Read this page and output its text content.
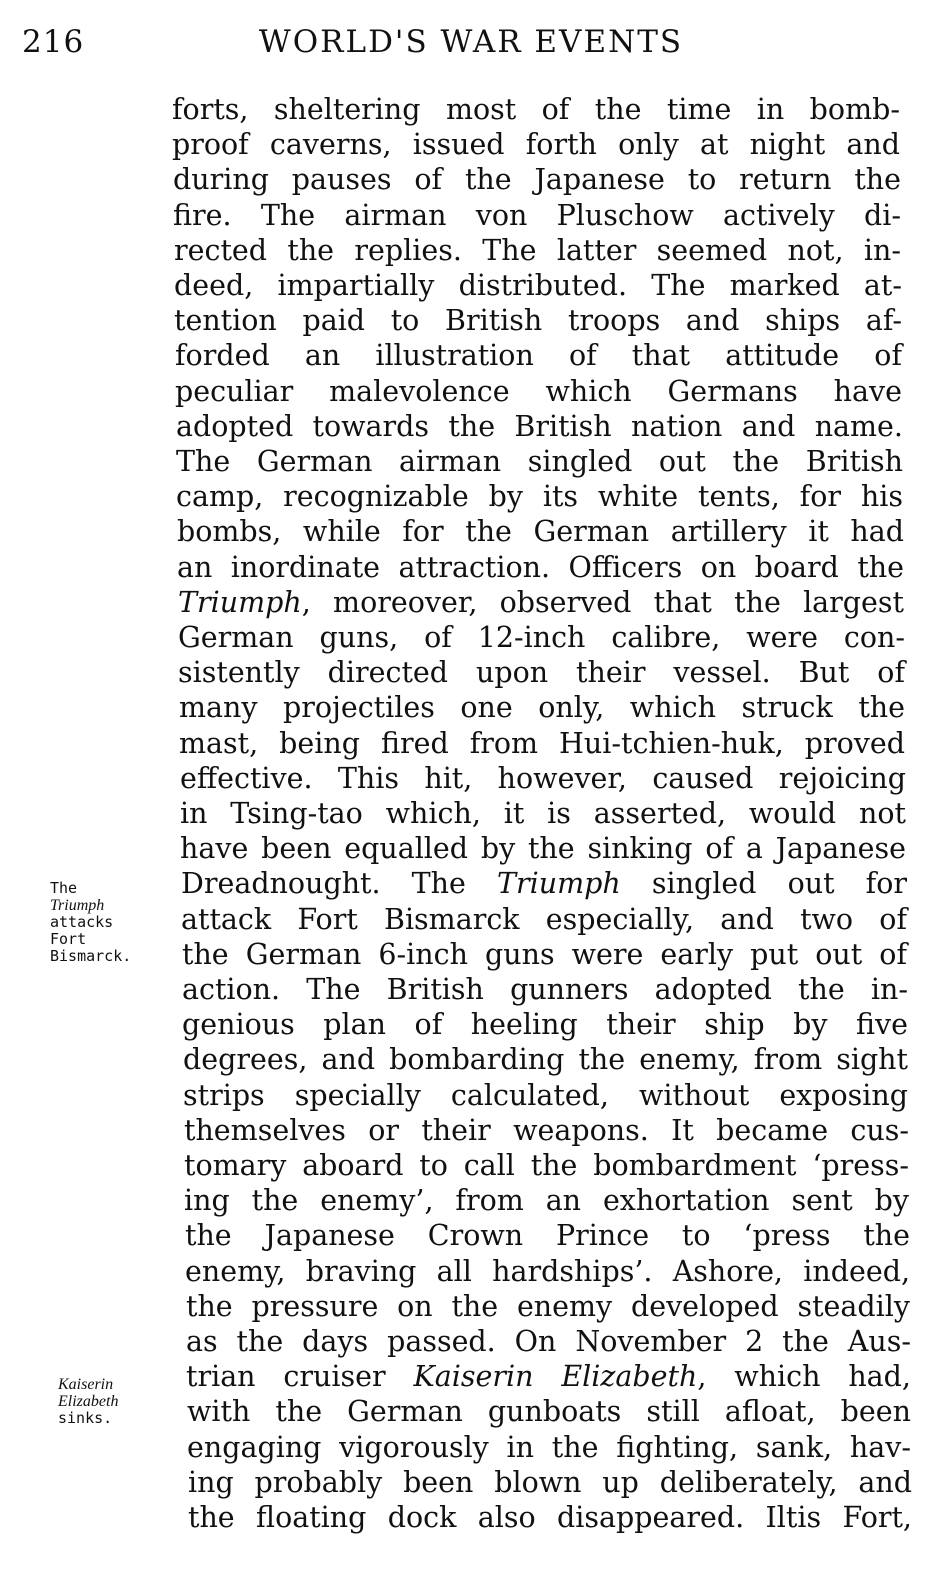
216	WORLD'S WAR EVENTS
forts, sheltering most of the time in bomb-
proof caverns, issued forth only at night and
during pauses of the Japanese to return the
fire. The airman von Pluschow actively di-
rected the replies. The latter seemed not, in-
deed, impartially distributed. The marked at-
tention paid to British troops and ships af-
forded an illustration of that attitude of
peculiar malevolence which Germans have
adopted towards the British nation and name.
The German airman singled out the British
camp, recognizable by its white tents, for his
bombs, while for the German artillery it had
an inordinate attraction. Officers on board the
Triumph, moreover, observed that the largest
German guns, of 12-inch calibre, were con-
sistently directed upon their vessel. But of
many projectiles one only, which struck the
mast, being fired from Hui-tchien-huk, proved
effective. This hit, however, caused rejoicing
in Tsing-tao which, it is asserted, would not
have been equalled by the sinking of a Japanese
Dreadnought. The Triumph singled out for
attack Fort Bismarck especially, and two of
the German 6-inch guns were early put out of
action. The British gunners adopted the in-
genious plan of heeling their ship by five
degrees, and bombarding the enemy, from sight
strips specially calculated, without exposing
themselves or their weapons. It became cus-
tomary aboard to call the bombardment ‘press-
ing the enemy’, from an exhortation sent by
the Japanese Crown Prince to ‘press the
enemy, braving all hardships’. Ashore, indeed,
the pressure on the enemy developed steadily
as the days passed. On November 2 the Aus-
trian cruiser Kaiserin Elizabeth, which had,
with the German gunboats still afloat, been
engaging vigorously in the fighting, sank, hav-
ing probably been blown up deliberately, and
the floating dock also disappeared. Iltis Fort,
The
Triumph
attacks
Fort
Bismarck.
Kaiserin
Elizabeth
sinks.
